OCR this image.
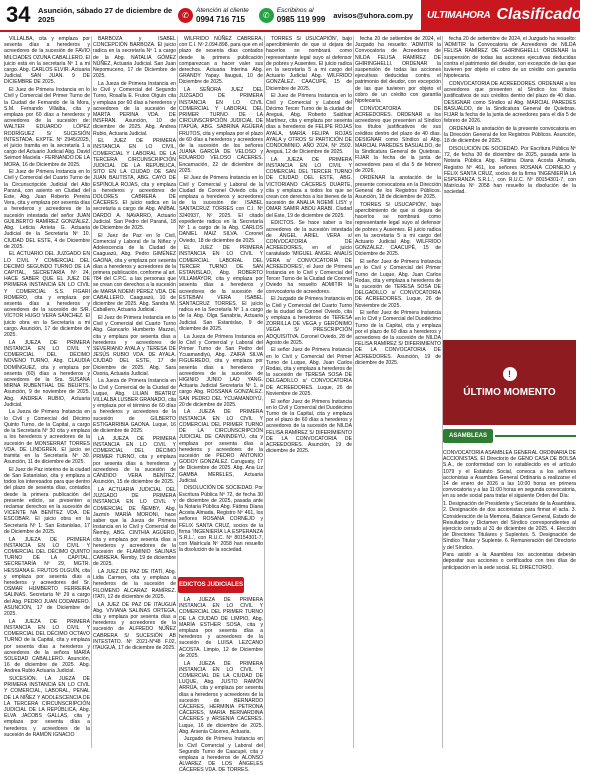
34	Asunción, sábado 27 de diciembre de 2025	✆	Atención al cliente
0994 716 715	✆	Escribinos al
0985 119 999 avisos@uhora.com.py	ULTIMAHORA Clasificados

VILLALBA, cita y emplaza por sesenta días a herederos y acreedores de la sucesión de FAVIO MILCIADES OZUNA CABALLERO. El juicio está en la secretaría Nº 1 a mi cargo. Abg. CARLOS ELVIR. Actuaria Judicial. SAN JUAN. 9 DE DICIEMBRE DE 2025.

El Juez de Primera Instancia en lo Civil y Comercial del Primer Turno de la Ciudad de Fernando de la Mora, S.M. Fernando Villalba, cita y emplaza por 60 días a herederos y acreedores de la sucesión de: WALTER EDUARDO LÓPEZ RODRÍGUEZ S/ SUCESIÓN INTESTADA, EXPTE. Nº 2945/2025, el juicio tramita en la secretaría 1 a cargo del Actuario Judicial Abg. David Seimori Maciela - FERNANDO DE LA MORA, 16 de Diciembre de 2025.

El Juez de Primera Instancia en lo Civil y Comercial del Cuarto Turno de la Circunscripción Judicial del Alto Paraná, con asiento en Ciudad del Este, Abg. Juan Roberto Pereira Vera, cita y emplaza por sesenta días a herederos y acreedores de la sucesión intestada del señor JUAN GUILBERTO RAMÍREZ GONZÁLEZ. Abg. Leticia Arrieta G. Actuaria Judicial de la Secretaría Nº 10. CIUDAD DEL ESTE, 4 de Diciembre de 2025.

EL ACTUARIO DEL JUZGADO EN LO CIVIL Y COMERCIAL DEL DECIMO SEGUNDO TURNO DE LA CAPITAL, SECRETARÍA Nº 24, HACE SABER QUE EL JUEZ DE PRIMERA INSTANCIA EN LO CIVIL Y COMERCIAL S.S. FIGARI ROMERO, cita y emplaza por sesenta días a herederos y acreedores de la sucesión de S/R. VÍCTOR HUGO VERA SÁNCHEZ. El juicio obra en la Secretaría a mi cargo. Asunción, 17 de diciembre de 2025.

LA JUEZA DE PRIMERA INSTANCIA EN LO CIVIL Y COMERCIAL DEL DÉCIMO NOVENO TURNO, Abg. CLAUDIA DOMÍNGUEZ, cita y emplaza por sesenta (60) días a herederos y acreedores de la Sra. SUSANA MIRNA RUBENTHAL DE BEURTS. Asunción, 9 de noviembre de 2025. Abg. ANDREA RUBIO, Actuaria Judicial.

La Jueza de Primera Instancia en lo Civil y Comercial del Décimo Quinto Turno, de la Capital, a cargo de la Secretaría Nº 30 cita y emplaza a los herederos y acreedores de la sucesión de MONSERRAT TORRES VDA. DE LINDGREN. El juicio se tramita en la Secretaría Nº 30. Asunción, 11 de diciembre de 2025.

El Juez de Paz interino de la ciudad de San Estanislao, cita y emplaza a todos los interesados para que dentro del plazo de sesenta días, contados desde la primera publicación del presente edicto, se presenten a reclamar derechos en la sucesión de VICENTE NA BENÍTEZ VDA. DE ESCOBAR. El juicio obra en la Secretaría Nº 1. San Estanislao, 17 de Diciembre de 2025.

LA JUEZA DE PRIMERA INSTANCIA EN LO CIVIL Y COMERCIAL DEL DÉCIMO QUINTO TURNO DE LA CAPITAL, SECRETARÍA Nº 29, MGTR. HESSIANA E. FRUTOS OLGUÍN, cita y emplaza por sesenta días a herederos y acreedores del Sr. OSMAR HUMBERTO FERREIRA SALINAS. Secretaría Nº 29 a cargo del Abg. PEDRO JUAN CODAMERO. ASUNCIÓN, 17 de Diciembre de 2025.

LA JUEZA DE PRIMERA INSTANCIA EN LO CIVIL Y COMERCIAL DEL DÉCIMO OCTAVO TURNO de la Capital, cita y emplaza por sesenta días a herederos y acreedores de la señora MARÍA SOLEDAD CABALLERO. Asunción, 16 de diciembre de 2025. Abg. Andrea Rubio Actuaria Judicial.

SUCESIÓN. LA JUEZA DE PRIMERA INSTANCIA EN LO CIVIL Y COMERCIAL, LABORAL, PENAL DE LA NIÑEZ Y ADOLESCENCIA DE LA TERCERA CIRCUNSCRIPCIÓN JUDICIAL DE LA REPÚBLICA, Abg. ELVA JACOBS GALLAS, cita y emplaza por sesenta días a herederos y acreedores de la sucesión de RAMÓN IGNACIO

BARBOZA y ISABEL CONCEPCIÓN BARBOZA. El juicio radica en la secretaría Nº 1 a cargo de la Abg. NATALIA GÓMEZ NÚÑEZ, Actuaria Judicial. San Juan Nepomuceno, 17 de Diciembre de 2025.

La Jueza de Primera Instancia en lo Civil y Comercial del Segundo Turno, Rosalía E. Frutos Olguín cita y emplaza por 60 días a herederos y acreedores de la sucesión de MARTA PERINA VDA. DE INSFRAN. Asunción, 10 de diciembre de 2025. Abg. Andrea Rubio, Actuaria Judicial.

EL JUEZ DE PRIMERA INSTANCIA EN LO CIVIL, COMERCIAL Y LABORAL DE LA TERCERA CIRCUNSCRIPCIÓN JUDICIAL DE LA REPÚBLICA, SITO EN LA CIUDAD DE SAN JUAN BAUTISTA, ABG. CAYO DE ESPÍNOLA ROJAS, cita y emplaza a herederos y acreedores de DOLORES CABRERA DE CÁCERES. El juicio radica en la secretaría a cargo de Abg. ANÍBAL DARDO A. NAVARRO, Actuario Judicial. San Pedro del Paraná, 18 de Diciembre de 2025.

El Juez de Paz en lo Civil, Comercial y Laboral de la Niñez y Adolescencia de la Ciudad de Caaguazú, Abg. Pedro GIMÉNEZ GAONA, cita y emplaza por sesenta días a herederos y acreedores de la primera publicación, conforme al art. 784 del C.P.C. a las personas que se crean con derechos a la sucesión de MARIA NOEMI PÉREZ VDA. DE CABALLERO. Caaguazú, 10 de diciembre de 2025. Abg. Sandra M. Caballero, Actuaria Judicial.

El Juez de Primera Instancia en lo Civil y Comercial del Cuarto Turno Abg. Giancarlo Humberto Mazzei, cita y emplaza por sesenta días a herederos y acreedores de SEVERIANO AYALA y TERESA DE JESÚS RUBIO VDA. DE AYALA. CIUDAD DEL ESTE, 17 de Diciembre de 2025. Abg. Sara Osoria, Actuaria Judicial.

La Jueza de Primera Instancia en lo Civil y Comercial de la Ciudad de Luque, Abg. LILIAN BEATRIZ VILLALBA LUSBER GRANADO, cita y emplaza por el término de 60 días a herederos y acreedores de la sucesión de GILBERTO ESTIGARRIBIA GAONA. Luque, 16 de diciembre de 2025.

LA JUEZA DE PRIMERA INSTANCIA EN LO CIVIL Y COMERCIAL DEL DÉCIMO PRIMER TURNO, cita y emplaza por sesenta días a herederos y acreedores de la sucesión de CÁNDIDO VERA BENÍTEZ. Asunción, 15 de diciembre de 2025.

LA ACTUARIA JUDICIAL DEL JUZGADO DE PRIMERA INSTANCIA EN LO CIVIL Y COMERCIAL DE ÑEMBY, Abg. Jazmín MARÍA MORONI, hace saber que la Jueza de Primera Instancia en lo Civil y Comercial de Ñemby, ABG. CINTHIA AGÜERO, cita y emplaza por sesenta días a herederos y acreedores de la sucesión de FLAMINIO SALINAS CABRERA. Ñemby, 19 de diciembre de 2025.

LA JUEZ DE PAZ DE ITATI, Abg. Lidia Carmen, cita y emplaza a herederos de la sucesión de FILOMENO ALCARAZ RAMÍREZ. ITATI, 12 de diciembre de 2025.

LA JUEZ DE PAZ DE ITAUGUÁ Abg. VIVIANA SALINAS ORTEGA, cita y emplaza por sesenta días a herederos y acreedores de la sucesión de ALFREDO NÚÑEZ CABRERA S/ SUCESIÓN AB INTESTATO. Nº 2021-N*48 F.02, ITAUGUÁ, 17 de diciembre de 2025.

WILFRIDO NÚÑEZ CABRERA, con C.I. Nº 2.094.898, para que en el plazo de sesenta días contados desde la primera publicación comparezcan a hacer valer sus derechos. Actuaria Interina Abg. GRANDY Yapay. Itauguá, 10 de Diciembre de 2025.

LA SEÑORA JUEZ DEL JUZGADO DE PRIMERA INSTANCIA EN LO CIVIL COMERCIAL Y LABORAL DEL PRIMER TURNO DE LA CIRCUNSCRIPCIÓN JUDICIAL DE ITAPÚA, ABG. SABRINA AGÜERA FRUTOS, cita y emplaza por el plazo de 60 días a herederos y acreedores de la sucesión de los señores JUANA GARCÍA DE VELOSO y EDUARDO VELOSO CÁCERES. Encarnación, 22 de diciembre de 2025.

El Juez de Primera Instancia en lo Civil y Comercial y Laboral de la Ciudad de Coronel Oviedo cita y emplaza a herederos y acreedores de la sucesión de: ISABEL SANTACRUZ TORRES con C.I. Nº 3240937, Nº 2025. El citado expediente radica en la Secretaría Nº 1 a cargo de la Abg. CARLOS DANIEL MAIZ SILVA. Coronel Oviedo, 18 de diciembre de 2025.

EL JUEZ DE PRIMERA INSTANCIA EN LO CIVIL Y COMERCIAL LABORAL DEL TERCER TURNO DE SAN ESTANISLAO, Abg. ROBERTO VILLAMAYOR, cita y emplaza por sesenta días a herederos y acreedores de la sucesión de ESTEBAN VERA ISABEL SANTACRUZ TORRES. El juicio radica en la Secretaría Nº 1 a cargo de la Abg. Olga Sanabria, Actuaria Judicial. San Estanislao, 9 de diciembre de 2025.

La Jueza de Primera Instancia en lo Civil y Comercial y Laboral del Primer Turno de San Pedro del Ycuamandiyú, Abg. ZAIRA SILVA FIGUEREDO, cita y emplaza por sesenta días a herederos y acreedores de la sucesión de HIGINIO JUNIO LAO YANG. Actuaria Judicial Secretaría Nº 1, a cargo Abg. ROSSANA GONZÁLEZ. SAN PEDRO DEL YCUAMANDIYÚ, 20 de diciembre de 2025.

LA JUEZA DE PRIMERA INSTANCIA EN LO CIVIL Y COMERCIAL DEL PRIMER TURNO DE LA CIRCUNSCRIPCIÓN JUDICIAL DE CANINDEYÚ, cita y emplaza por sesenta días a herederos y acreedores de la sucesión de PEDRO ANTONIO GODOY GONZÁLEZ. Curuguaty, 17 de Diciembre de 2025. Abg. Ana Liz GAMBA MERELES, Actuaria Judicial.

DISOLUCIÓN DE SOCIEDAD. Por Escritura Pública Nº 72, de fecha 30 de diciembre de 2025, pasada ante la Notaria Pública Abg. Fátima Diana Acosta Almada, Registro Nº 461, los señores ROSANA CORNEJO y FÉLIX SANTA CRUZ, socios de la firma 'INGENIERÍA LA ESPERANZA S.R.L.', con R.U.C. Nº 80154301-7, con Matrícula Nº 2058 han resuelto la disolución de la sociedad.

EDICTOS JUDICIALES

LA JUEZA DE PRIMERA INSTANCIA EN LO CIVIL Y COMERCIAL DEL PRIMER TURNO DE LA CIUDAD DE LIMPIO, Abg. MARÍA ESTHER SOSA, cita y emplaza por sesenta días a herederos y acreedores de la sucesión de LUISA LEZCANO ACOSTA. Limpio, 12 de Diciembre de 2025.

LA JUEZA DE PRIMERA INSTANCIA EN LO CIVIL Y COMERCIAL DE LA CIUDAD DE LUQUE, Abg. JUSTO RAMÓN ARRÚA, cita y emplaza por sesenta días a herederos y acreedores de la sucesión de BERNARDO CÁCERES, HERMINIA PETRONA CÁCERES, MARIA BERNARDINA CÁCERES y ARSENIA CACERES. Luque, 16 de diciembre de 2025. Abg. Arsenia Cáceres, Actuaria.

Juzgado de Primera Instancia en lo Civil Comercial y Laboral del Segundo Turno de Caacupé, cita y emplaza a herederos de ALONSO ÁLVAREZ DE LOS ÁNGELES CÁCERES VDA. DE TORRES.

TORRES S/ USUCAPIÓN', bajo apercibimiento de que si dejara de hacerlos se nombrará como representante legal suyo al defensor de pobres y Ausentes. El juicio radica en la secretaría 5 a mi cargo del Actuario Judicial Abg. WILFRIDO GONZÁLEZ. CAACUPÉ, 15 de Diciembre de 2025.

El Juez de Primera Instancia en lo Civil y Comercial y Laboral del Décimo Tercer Turno de la ciudad de Areguá, Abg. Roberto Saldívar Martínez, cita y emplaza por sesenta días a herederos de FELIPE ROJAS AYALA, MARÍA FELIPA ROJAS AYALA y OTROS S/ PARTICIÓN DE CONDOMINIO. AÑO 2024, Nº 2502. Areguá, 12 de Diciembre de 2025.

LA JUEZA DE PRIMERA INSTANCIA EN LO CIVIL Y COMERCIAL DEL TERCER TURNO DE CIUDAD DEL ESTE, ABG. VICTORIANO CÁCERES DUARTE, cita y emplaza a todos los que se crean con derechos a los bienes de la sucesión de ANALIA NOEMÍ LISY y OMAR SAMIR ABOU ARABI. Ciudad del Este, 19 de diciembre de 2025.

EDICTOS. Se hace saber a los acreedores de la sucesión intestada de ÁNGEL ARIEL VERA s/ CONVOCATORIA DE ACREEDORES, en el juicio caratulado 'MIGUEL ÁNGEL ANALÍS VERA s/ CONVOCATORIA DE ACREEDORES', el Juez de Primera Instancia en lo Civil y Comercial del Tercer Turno de la Ciudad de Coronel Oviedo ha resuelto ADMITIR la convocatoria de acreedores.

El Juzgado de Primera Instancia en lo Civil y Comercial del Cuarto Turno de la ciudad de Coronel Oviedo, cita y emplaza a herederos de TERESA ZORRILLA DE VEGA y GERÓNIMO VEGA S/ PRESCRIPCIÓN ADQUISITIVA. Coronel Oviedo, 28 de Agosto de 2025.

El señor Juez de Primera Instancia en lo Civil y Comercial del Primer Turno de Luque, Abg. Juan Carlos Rodas, cita y emplaza a herederos de la sucesión de TERESA SOSA DE DELGADILLO s/ CONVOCATORIA DE ACREEDORES. Luque, 26 de Noviembre de 2025.

El señor Juez de Primera Instancia en lo Civil y Comercial del Duodécimo Turno de la Capital, cita y emplaza por el plazo de 60 días a herederos y acreedores de la sucesión de NILDA FELISA RAMÍREZ S/ DIFERIMIENTO DE LA CONVOCATORIA DE ACREEDORES. Asunción, 19 de diciembre de 2025.

fecha 20 de setiembre de 2024, el Juzgado ha resuelto: 'ADMITIR la Convocatoria de Acreedores de NILDA FELISA RAMÍREZ DE GHIRINGHELLI. ORDENAR la suspensión de todas las acciones ejecutivas deducidas contra el patrimonio del deudor, con excepción de las que tuvieren por objeto el cobro de un crédito con garantía hipotecaria.

CONVOCATORIA DE ACREEDORES. ORDENAR a los acreedores que presenten al Síndico los títulos justificativos de sus créditos dentro del plazo de 40 días. DESIGNAR como Síndico al Abg. MARCIAL PAREDES BASUALDO, de la Sindicatura General de Quiebras. FIJAR la fecha de la junta de acreedores para el día 5 de febrero de 2026.

ORDENAR la anotación de la presente convocatoria en la Dirección General de los Registros Públicos. Asunción, 18 de diciembre de 2025.

TORRES S/ USUCAPIÓN', bajo apercibimiento de que si dejara de hacerlos se nombrará como representante legal suyo al defensor de pobres y Ausentes. El juicio radica en la secretaría 5 a mi cargo del Actuario Judicial Abg. WILFRIDO GONZÁLEZ. CAACUPÉ, 15 de Diciembre de 2025.

El señor Juez de Primera Instancia en lo Civil y Comercial del Primer Turno de Luque, Abg. Juan Carlos Rodas, cita y emplaza a herederos de la sucesión de TERESA SOSA DE DELGADILLO s/ CONVOCATORIA DE ACREEDORES. Luque, 26 de Noviembre de 2025.

El señor Juez de Primera Instancia en lo Civil y Comercial del Duodécimo Turno de la Capital, cita y emplaza por el plazo de 60 días a herederos y acreedores de la sucesión de NILDA FELISA RAMÍREZ S/ DIFERIMIENTO DE LA CONVOCATORIA DE ACREEDORES. Asunción, 19 de diciembre de 2025.

fecha 20 de setiembre de 2024, el Juzgado ha resuelto: 'ADMITIR la Convocatoria de Acreedores de NILDA FELISA RAMÍREZ DE GHIRINGHELLI. ORDENAR la suspensión de todas las acciones ejecutivas deducidas contra el patrimonio del deudor, con excepción de las que tuvieren por objeto el cobro de un crédito con garantía hipotecaria.

CONVOCATORIA DE ACREEDORES. ORDENAR a los acreedores que presenten al Síndico los títulos justificativos de sus créditos dentro del plazo de 40 días. DESIGNAR como Síndico al Abg. MARCIAL PAREDES BASUALDO, de la Sindicatura General de Quiebras. FIJAR la fecha de la junta de acreedores para el día 5 de febrero de 2026.

ORDENAR la anotación de la presente convocatoria en la Dirección General de los Registros Públicos. Asunción, 18 de diciembre de 2025.

DISOLUCIÓN DE SOCIEDAD. Por Escritura Pública Nº 72, de fecha 30 de diciembre de 2025, pasada ante la Notaria Pública Abg. Fátima Diana Acosta Almada, Registro Nº 461, los señores ROSANA CORNEJO y FÉLIX SANTA CRUZ, socios de la firma 'INGENIERÍA LA ESPERANZA S.R.L.', con R.U.C. Nº 80154301-7, con Matrícula Nº 2058 han resuelto la disolución de la sociedad.

!
ÚLTIMO MOMENTO
ASAMBLEAS

CONVOCATORIA ASAMBLEA GENERAL ORDINARIA DE ACCIONISTAS. El Directorio de GENO CASA DE BOLSA S.A., de conformidad con lo establecido en el artículo 1079 y el Estatuto Social, convoca a los señores accionistas a Asamblea General Ordinaria a realizarse el 14 de enero de 2026 a las 10:00 horas en primera convocatoria y a las 11:00 horas en segunda convocatoria, en su sede social para tratar el siguiente Orden del Día:

1. Designación de Presidente y Secretario de la Asamblea. 2. Designación de dos accionistas para firmar el acta. 3. Consideración de la Memoria, Balance General, Estado de Resultados y Dictamen del Síndico correspondientes al ejercicio cerrado al 31 de diciembre de 2025. 4. Elección de Directores Titulares y Suplentes. 5. Designación de Síndico Titular y Suplente. 6. Remuneración del Directorio y del Síndico.

Para asistir a la Asamblea los accionistas deberán depositar sus acciones o certificados con tres días de anticipación en la sede social. EL DIRECTORIO.
